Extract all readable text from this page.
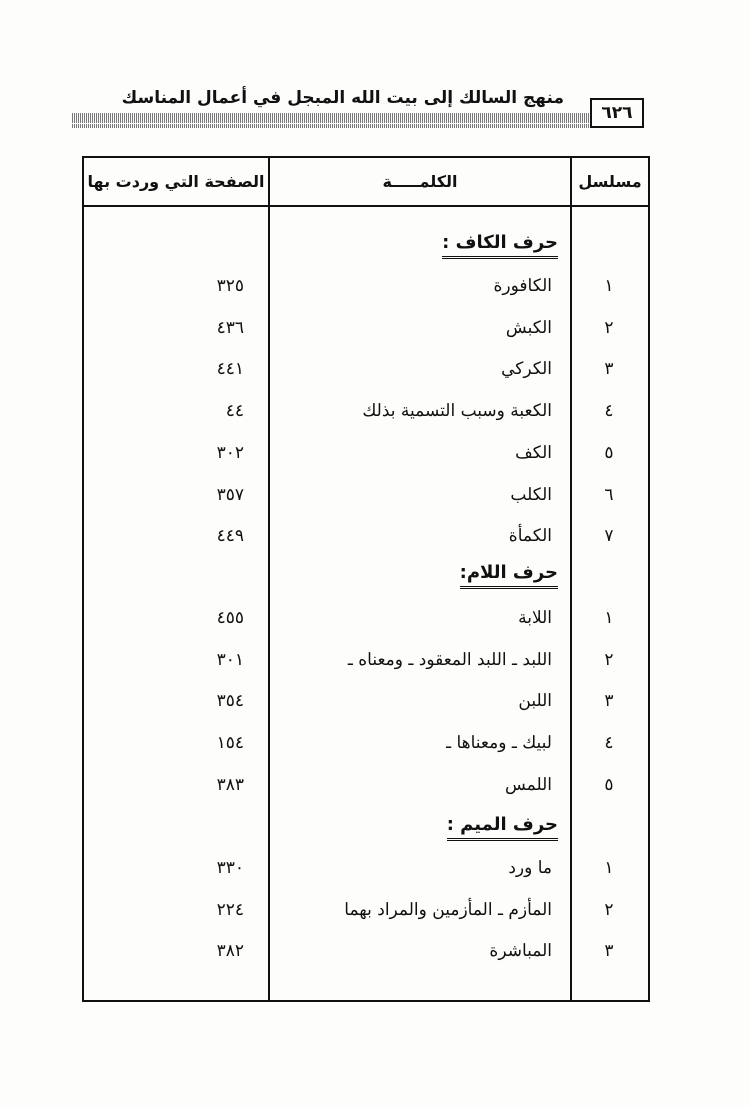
منهج السالك إلى بيت الله المبجل في أعمال المناسك
٦٢٦
مسلسل
الكلمـــــة
الصفحة التي وردت بها
حرف الكاف :
١
الكافورة
٣٢٥
٢
الكبش
٤٣٦
٣
الكركي
٤٤١
٤
الكعبة وسبب التسمية بذلك
٤٤
٥
الكف
٣٠٢
٦
الكلب
٣٥٧
٧
الكمأة
٤٤٩
حرف اللام:
١
اللابة
٤٥٥
٢
اللبد ـ اللبد المعقود ـ ومعناه ـ
٣٠١
٣
اللبن
٣٥٤
٤
لبيك ـ ومعناها ـ
١٥٤
٥
اللمس
٣٨٣
حرف الميم :
١
ما ورد
٣٣٠
٢
المأزم ـ المأزمين والمراد بهما
٢٢٤
٣
المباشرة
٣٨٢
